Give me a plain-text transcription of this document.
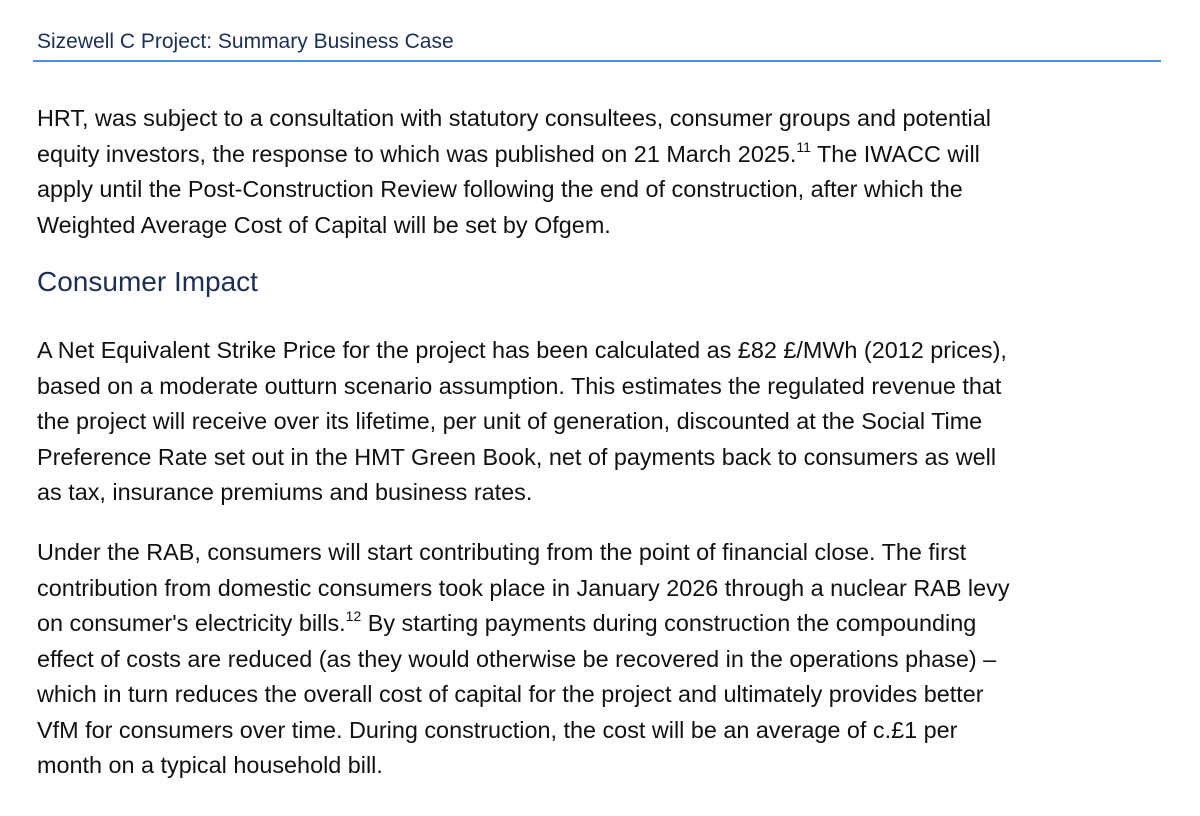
Sizewell C Project: Summary Business Case

HRT, was subject to a consultation with statutory consultees, consumer groups and potential
equity investors, the response to which was published on 21 March 2025.11 The IWACC will
apply until the Post-Construction Review following the end of construction, after which the
Weighted Average Cost of Capital will be set by Ofgem.

Consumer Impact

A Net Equivalent Strike Price for the project has been calculated as £82 £/MWh (2012 prices),
based on a moderate outturn scenario assumption. This estimates the regulated revenue that
the project will receive over its lifetime, per unit of generation, discounted at the Social Time
Preference Rate set out in the HMT Green Book, net of payments back to consumers as well
as tax, insurance premiums and business rates.

Under the RAB, consumers will start contributing from the point of financial close. The first
contribution from domestic consumers took place in January 2026 through a nuclear RAB levy
on consumer's electricity bills.$^{12}$ By starting payments during construction the compounding
effect of costs are reduced (as they would otherwise be recovered in the operations phase) –
which in turn reduces the overall cost of capital for the project and ultimately provides better
VfM for consumers over time. During construction, the cost will be an average of c.£1 per
month on a typical household bill.
